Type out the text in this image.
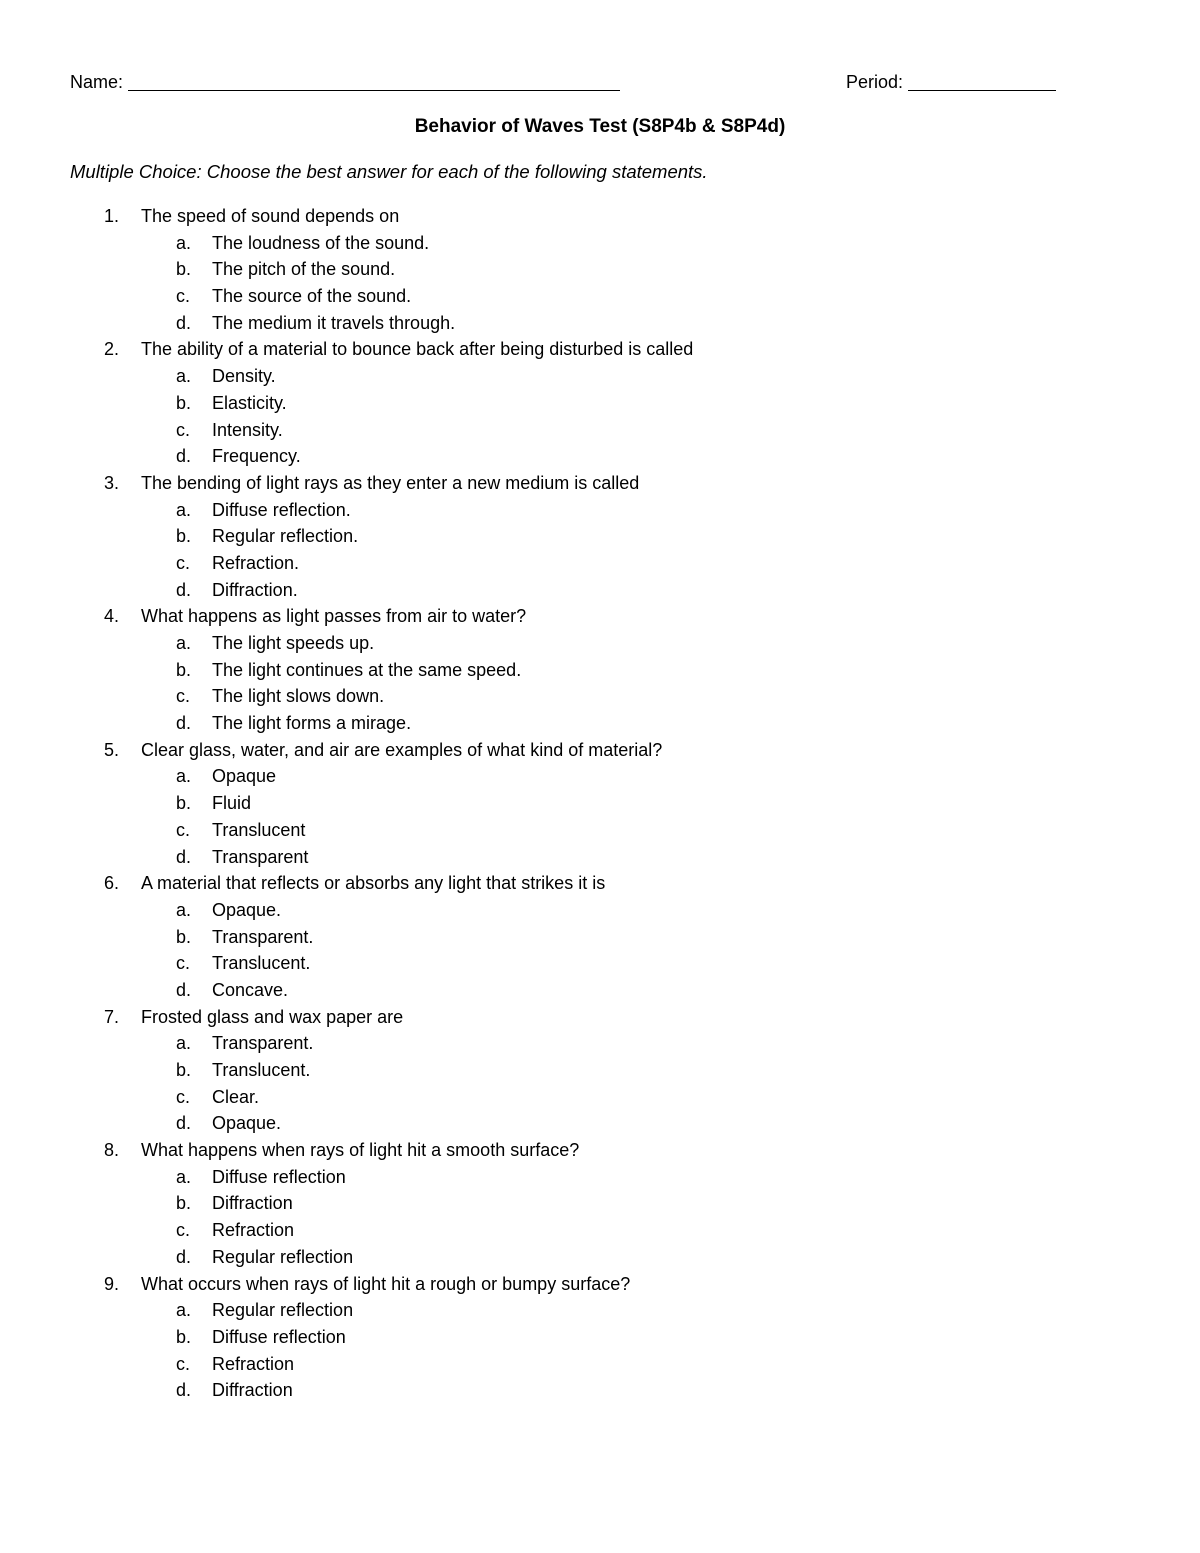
Name:	Period:
Behavior of Waves Test (S8P4b & S8P4d)
Multiple Choice: Choose the best answer for each of the following statements.
1. The speed of sound depends on
a. The loudness of the sound.
b. The pitch of the sound.
c. The source of the sound.
d. The medium it travels through.
2. The ability of a material to bounce back after being disturbed is called
a. Density.
b. Elasticity.
c. Intensity.
d. Frequency.
3. The bending of light rays as they enter a new medium is called
a. Diffuse reflection.
b. Regular reflection.
c. Refraction.
d. Diffraction.
4. What happens as light passes from air to water?
a. The light speeds up.
b. The light continues at the same speed.
c. The light slows down.
d. The light forms a mirage.
5. Clear glass, water, and air are examples of what kind of material?
a. Opaque
b. Fluid
c. Translucent
d. Transparent
6. A material that reflects or absorbs any light that strikes it is
a. Opaque.
b. Transparent.
c. Translucent.
d. Concave.
7. Frosted glass and wax paper are
a. Transparent.
b. Translucent.
c. Clear.
d. Opaque.
8. What happens when rays of light hit a smooth surface?
a. Diffuse reflection
b. Diffraction
c. Refraction
d. Regular reflection
9. What occurs when rays of light hit a rough or bumpy surface?
a. Regular reflection
b. Diffuse reflection
c. Refraction
d. Diffraction
